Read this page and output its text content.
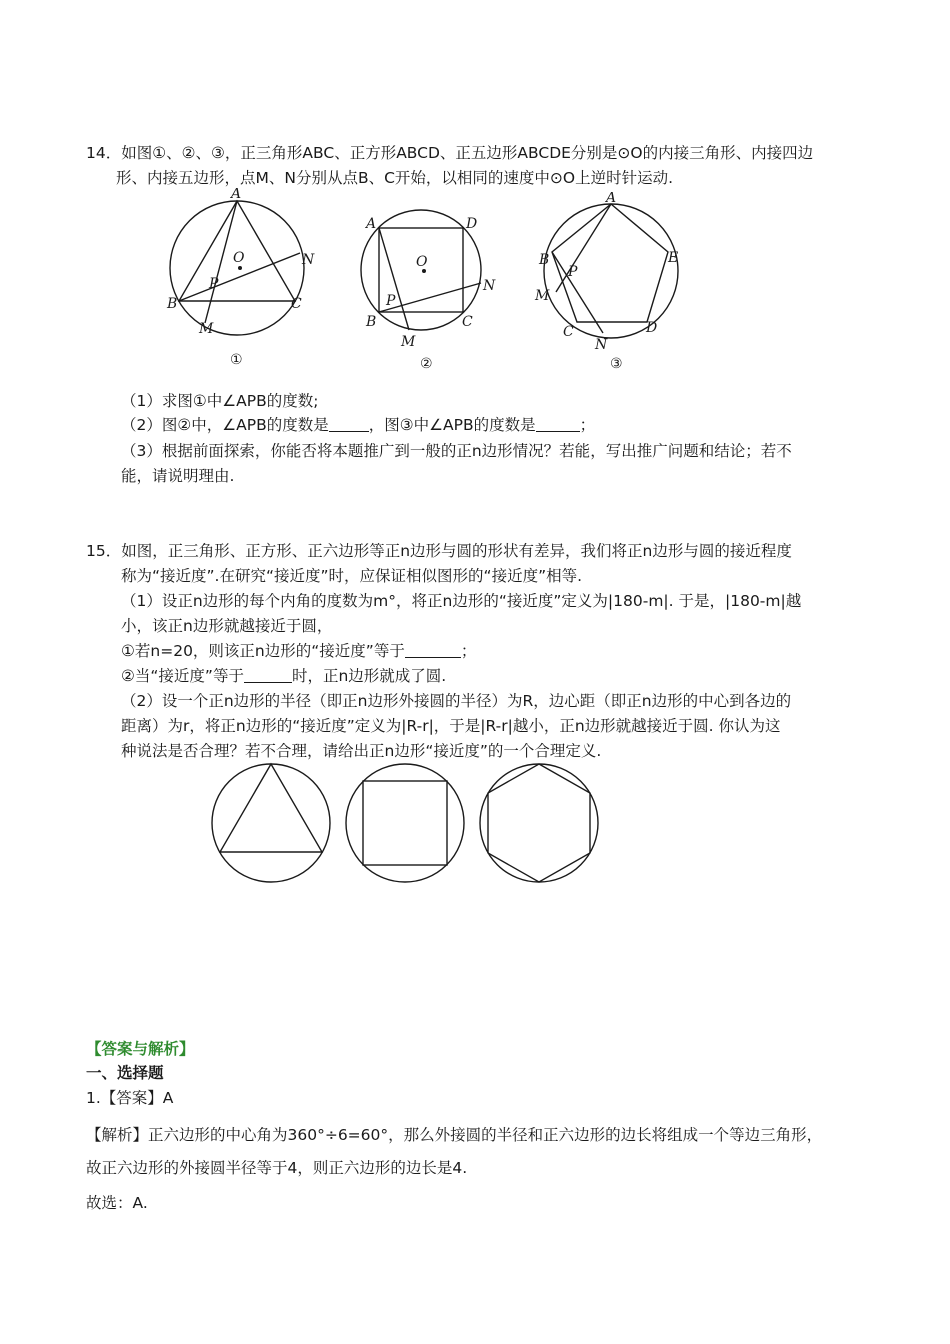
14．如图①、②、③，正三角形ABC、正方形ABCD、正五边形ABCDE分别是⊙O的内接三角形、内接四边
形、内接五边形，点M、N分别从点B、C开始，以相同的速度中⊙O上逆时针运动.
A
B	C
O	N
M
P
①
A	D
B	C
O
N
M
P
②
A
E
B
M
C	D
N
P
③
（1）求图①中∠APB的度数;
（2）图②中，∠APB的度数是	，图③中∠APB的度数是	；
（3）根据前面探索，你能否将本题推广到一般的正n边形情况？若能，写出推广问题和结论；若不
能，请说明理由.
15．如图，正三角形、正方形、正六边形等正n边形与圆的形状有差异，我们将正n边形与圆的接近程度
称为“接近度”.在研究“接近度”时，应保证相似图形的“接近度”相等.
（1）设正n边形的每个内角的度数为m°，将正n边形的“接近度”定义为|180-m|. 于是，|180-m|越
小，该正n边形就越接近于圆，
①若n=20，则该正n边形的“接近度”等于	；
②当“接近度”等于	时，正n边形就成了圆.
（2）设一个正n边形的半径（即正n边形外接圆的半径）为R，边心距（即正n边形的中心到各边的
距离）为r，将正n边形的“接近度”定义为|R-r|，于是|R-r|越小，正n边形就越接近于圆. 你认为这
种说法是否合理？若不合理，请给出正n边形“接近度”的一个合理定义.
【答案与解析】
一、选择题
1.【答案】A
【解析】正六边形的中心角为360°÷6=60°，那么外接圆的半径和正六边形的边长将组成一个等边三角形，
故正六边形的外接圆半径等于4，则正六边形的边长是4.
故选：A.
